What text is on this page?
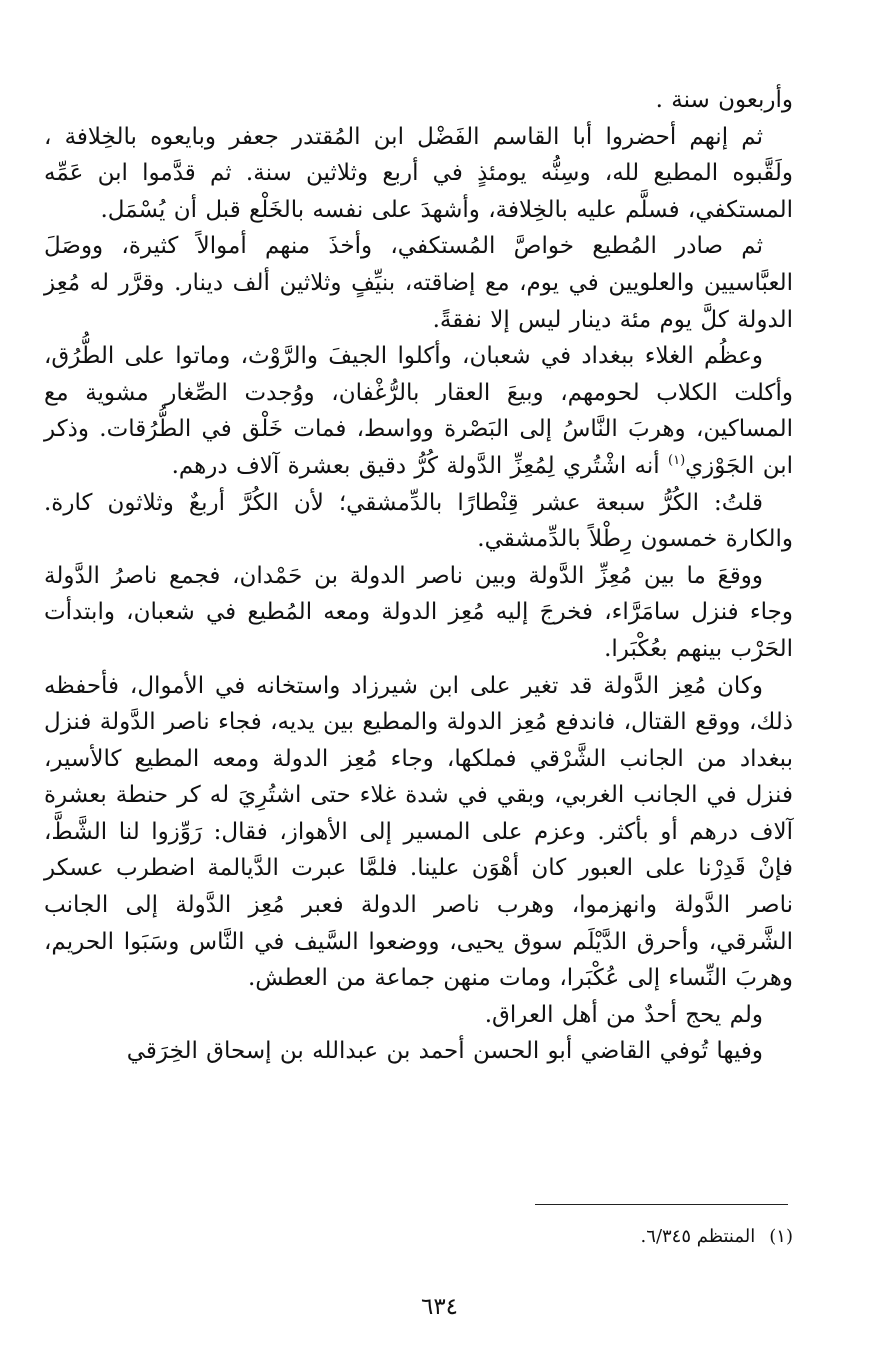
وأربعون سنة .

ثم إنهم أحضروا أبا القاسم الفَضْل ابن المُقتدر جعفر وبايعوه بالخِلافة ، ولَقَّبوه المطيع لله، وسِنُّه يومئذٍ في أربع وثلاثين سنة. ثم قدَّموا ابن عَمِّه المستكفي، فسلَّم عليه بالخِلافة، وأشهدَ على نفسه بالخَلْع قبل أن يُسْمَل.

ثم صادر المُطيع خواصَّ المُستكفي، وأخذَ منهم أموالاً كثيرة، ووصَلَ العبَّاسيين والعلويين في يوم، مع إضاقته، بنيِّفٍ وثلاثين ألف دينار. وقرَّر له مُعِز الدولة كلَّ يوم مئة دينار ليس إلا نفقةً.

وعظُم الغلاء ببغداد في شعبان، وأكلوا الجيفَ والرَّوْث، وماتوا على الطُّرُق، وأكلت الكلاب لحومهم، وبيعَ العقار بالرُّغْفان، ووُجدت الصِّغار مشوية مع المساكين، وهربَ النَّاسُ إلى البَصْرة وواسط، فمات خَلْق في الطُّرُقات. وذكر ابن الجَوْزي$^{(١)}$ أنه اشْتُري لِمُعِزِّ الدَّولة كُرُّ دقيق بعشرة آلاف درهم.

قلتُ: الكُرُّ سبعة عشر قِنْطارًا بالدِّمشقي؛ لأن الكُرَّ أربعٌ وثلاثون كارة. والكارة خمسون رِطْلاً بالدِّمشقي.

ووقعَ ما بين مُعِزِّ الدَّولة وبين ناصر الدولة بن حَمْدان، فجمع ناصرُ الدَّولة وجاء فنزل سامَرَّاء، فخرجَ إليه مُعِز الدولة ومعه المُطيع في شعبان، وابتدأت الحَرْب بينهم بعُكْبَرا.

وكان مُعِز الدَّولة قد تغير على ابن شيرزاد واستخانه في الأموال، فأحفظه ذلك، ووقع القتال، فاندفع مُعِز الدولة والمطيع بين يديه، فجاء ناصر الدَّولة فنزل ببغداد من الجانب الشَّرْقي فملكها، وجاء مُعِز الدولة ومعه المطيع كالأسير، فنزل في الجانب الغربي، وبقي في شدة غلاء حتى اشتُرِيَ له كر حنطة بعشرة آلاف درهم أو بأكثر. وعزم على المسير إلى الأهواز، فقال: رَوِّزوا لنا الشَّطَّ، فإنْ قَدِرْنا على العبور كان أهْوَن علينا. فلمَّا عبرت الدَّيالمة اضطرب عسكر ناصر الدَّولة وانهزموا، وهرب ناصر الدولة فعبر مُعِز الدَّولة إلى الجانب الشَّرقي، وأحرق الدَّيْلَم سوق يحيى، ووضعوا السَّيف في النَّاس وسَبَوا الحريم، وهربَ النِّساء إلى عُكْبَرا، ومات منهن جماعة من العطش.

ولم يحج أحدٌ من أهل العراق.

وفيها تُوفي القاضي أبو الحسن أحمد بن عبدالله بن إسحاق الخِرَقي

(١)المنتظم ٦/٣٤٥.
٦٣٤
